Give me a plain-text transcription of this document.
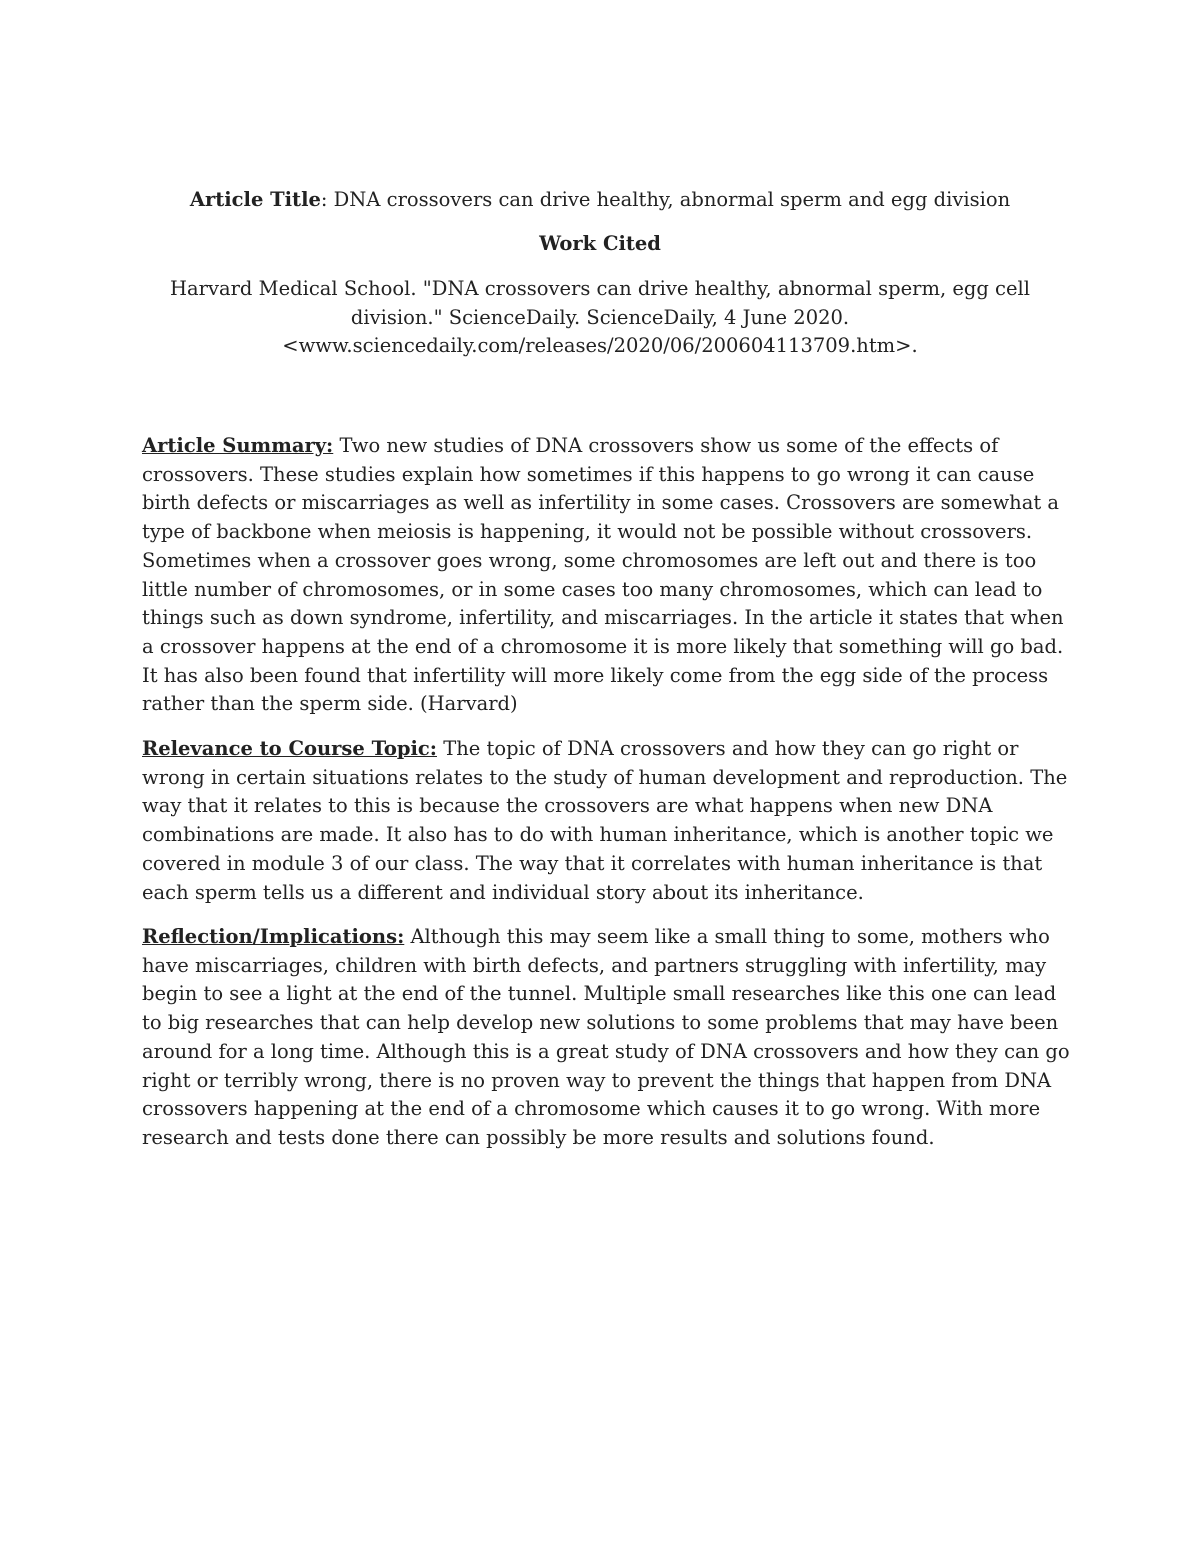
Article Title: DNA crossovers can drive healthy, abnormal sperm and egg division
Work Cited
Harvard Medical School. "DNA crossovers can drive healthy, abnormal sperm, egg cell
division." ScienceDaily. ScienceDaily, 4 June 2020.
<www.sciencedaily.com/releases/2020/06/200604113709.htm>.
Article Summary: Two new studies of DNA crossovers show us some of the effects of crossovers. These studies explain how sometimes if this happens to go wrong it can cause birth defects or miscarriages as well as infertility in some cases. Crossovers are somewhat a type of backbone when meiosis is happening, it would not be possible without crossovers. Sometimes when a crossover goes wrong, some chromosomes are left out and there is too little number of chromosomes, or in some cases too many chromosomes, which can lead to things such as down syndrome, infertility, and miscarriages. In the article it states that when a crossover happens at the end of a chromosome it is more likely that something will go bad. It has also been found that infertility will more likely come from the egg side of the process rather than the sperm side. (Harvard)
Relevance to Course Topic: The topic of DNA crossovers and how they can go right or wrong in certain situations relates to the study of human development and reproduction. The way that it relates to this is because the crossovers are what happens when new DNA combinations are made. It also has to do with human inheritance, which is another topic we covered in module 3 of our class. The way that it correlates with human inheritance is that each sperm tells us a different and individual story about its inheritance.
Reflection/Implications: Although this may seem like a small thing to some, mothers who have miscarriages, children with birth defects, and partners struggling with infertility, may begin to see a light at the end of the tunnel. Multiple small researches like this one can lead to big researches that can help develop new solutions to some problems that may have been around for a long time. Although this is a great study of DNA crossovers and how they can go right or terribly wrong, there is no proven way to prevent the things that happen from DNA crossovers happening at the end of a chromosome which causes it to go wrong. With more research and tests done there can possibly be more results and solutions found.
